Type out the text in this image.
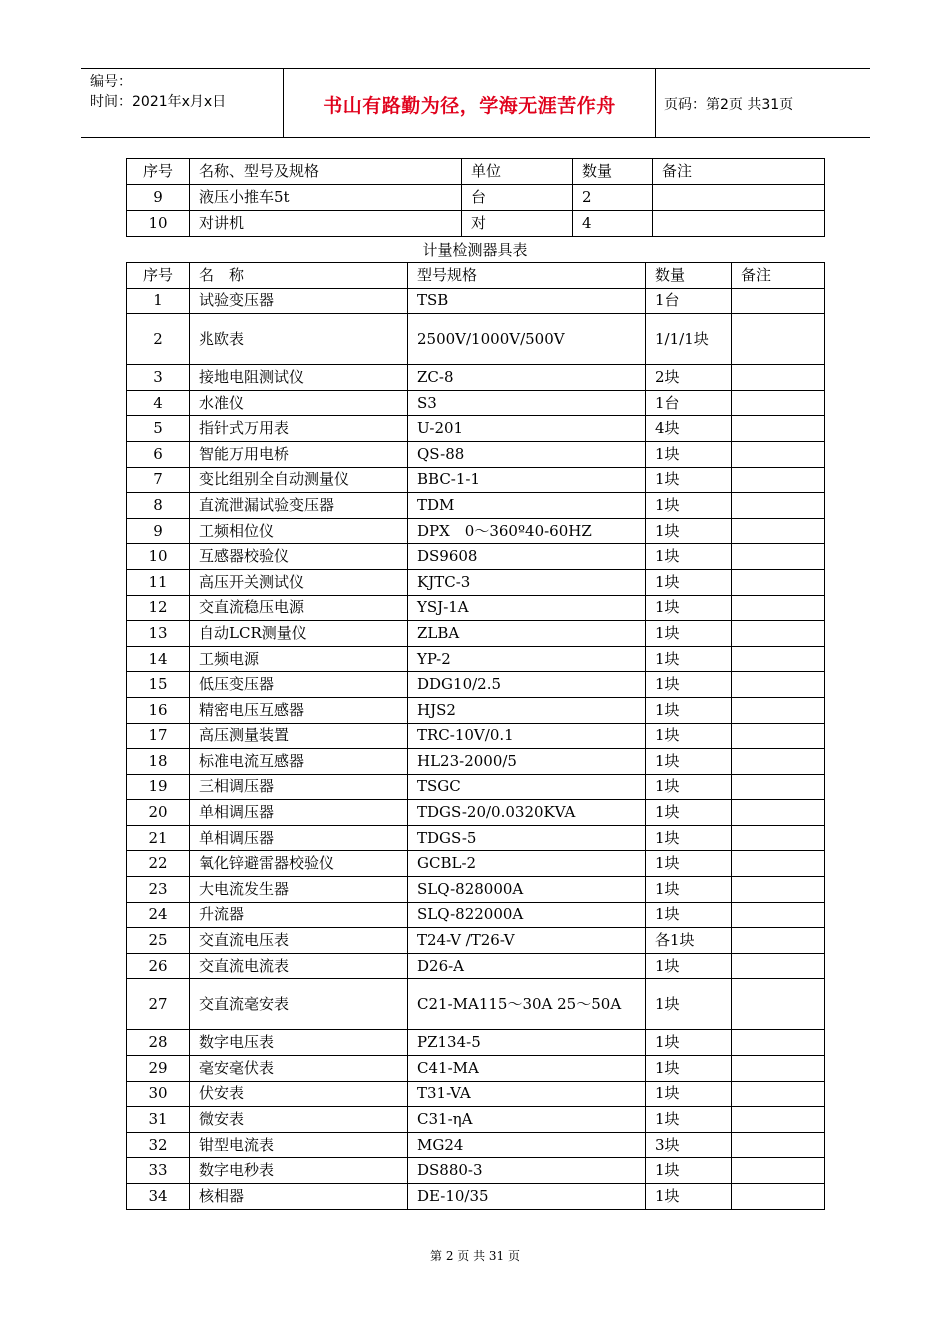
编号：
时间：2021年x月x日	书山有路勤为径，学海无涯苦作舟	页码：第2页 共31页
序号	名称、型号及规格	单位	数量	备注
9	液压小推车5t	台	2	
10	对讲机	对	4	
计量检测器具表
序号	名　称	型号规格	数量	备注
1	试验变压器	TSB	1台	
2	兆欧表	2500V/1000V/500V	1/1/1块	
3	接地电阻测试仪	ZC-8	2块	
4	水准仪	S3	1台	
5	指针式万用表	U-201	4块	
6	智能万用电桥	QS-88	1块	
7	变比组别全自动测量仪	BBC-1-1	1块	
8	直流泄漏试验变压器	TDM	1块	
9	工频相位仪	DPX　0～360º40-60HZ	1块	
10	互感器校验仪	DS9608	1块	
11	高压开关测试仪	KJTC-3	1块	
12	交直流稳压电源	YSJ-1A	1块	
13	自动LCR测量仪	ZLBA	1块	
14	工频电源	YP-2	1块	
15	低压变压器	DDG10/2.5	1块	
16	精密电压互感器	HJS2	1块	
17	高压测量装置	TRC-10V/0.1	1块	
18	标准电流互感器	HL23-2000/5	1块	
19	三相调压器	TSGC	1块	
20	单相调压器	TDGS-20/0.0320KVA	1块	
21	单相调压器	TDGS-5	1块	
22	氧化锌避雷器校验仪	GCBL-2	1块	
23	大电流发生器	SLQ-828000A	1块	
24	升流器	SLQ-822000A	1块	
25	交直流电压表	T24-V /T26-V	各1块	
26	交直流电流表	D26-A	1块	
27	交直流毫安表	C21-MA115～30A 25～50A	1块	
28	数字电压表	PZ134-5	1块	
29	毫安毫伏表	C41-MA	1块	
30	伏安表	T31-VA	1块	
31	微安表	C31-ηA	1块	
32	钳型电流表	MG24	3块	
33	数字电秒表	DS880-3	1块	
34	核相器	DE-10/35	1块	
第 2 页 共 31 页
